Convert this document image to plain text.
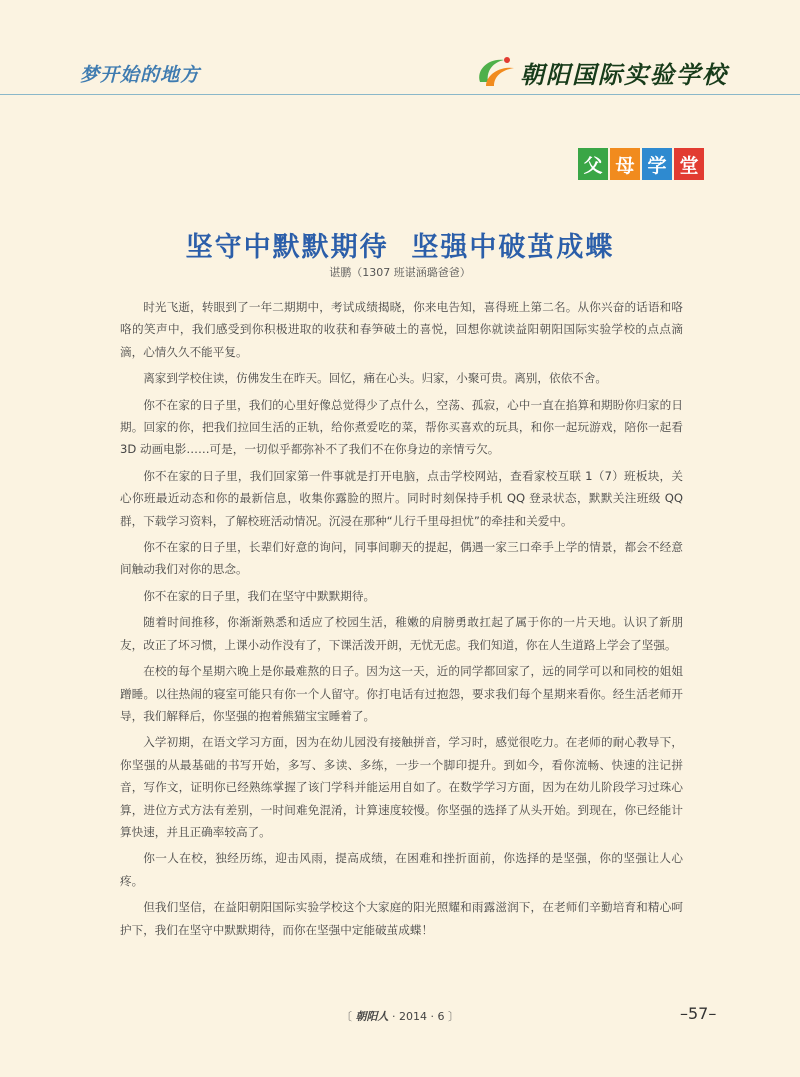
梦开始的地方	朝阳国际实验学校
父 母 学 堂
坚守中默默期待  坚强中破茧成蝶
谌鹏（1307 班谌涵璐爸爸）

时光飞逝，转眼到了一年二期期中，考试成绩揭晓，你来电告知，喜得班上第二名。从你兴奋的话语和咯咯的笑声中，我们感受到你积极进取的收获和春笋破土的喜悦，回想你就读益阳朝阳国际实验学校的点点滴滴，心情久久不能平复。

离家到学校住读，仿佛发生在昨天。回忆，痛在心头。归家，小聚可贵。离别，依依不舍。

你不在家的日子里，我们的心里好像总觉得少了点什么，空荡、孤寂，心中一直在掐算和期盼你归家的日期。回家的你，把我们拉回生活的正轨，给你煮爱吃的菜，帮你买喜欢的玩具，和你一起玩游戏，陪你一起看 3D 动画电影……可是，一切似乎都弥补不了我们不在你身边的亲情亏欠。

你不在家的日子里，我们回家第一件事就是打开电脑，点击学校网站，查看家校互联 1（7）班板块，关心你班最近动态和你的最新信息，收集你露脸的照片。同时时刻保持手机 QQ 登录状态，默默关注班级 QQ 群，下载学习资料，了解校班活动情况。沉浸在那种“儿行千里母担忧”的牵挂和关爱中。

你不在家的日子里，长辈们好意的询问，同事间聊天的提起，偶遇一家三口牵手上学的情景，都会不经意间触动我们对你的思念。

你不在家的日子里，我们在坚守中默默期待。

随着时间推移，你渐渐熟悉和适应了校园生活，稚嫩的肩膀勇敢扛起了属于你的一片天地。认识了新朋友，改正了坏习惯，上课小动作没有了，下课活泼开朗，无忧无虑。我们知道，你在人生道路上学会了坚强。

在校的每个星期六晚上是你最难熬的日子。因为这一天，近的同学都回家了，远的同学可以和同校的姐姐蹭睡。以往热闹的寝室可能只有你一个人留守。你打电话有过抱怨，要求我们每个星期来看你。经生活老师开导，我们解释后，你坚强的抱着熊猫宝宝睡着了。

入学初期，在语文学习方面，因为在幼儿园没有接触拼音，学习时，感觉很吃力。在老师的耐心教导下，你坚强的从最基础的书写开始，多写、多读、多练，一步一个脚印提升。到如今，看你流畅、快速的注记拼音，写作文，证明你已经熟练掌握了该门学科并能运用自如了。在数学学习方面，因为在幼儿阶段学习过珠心算，进位方式方法有差别，一时间难免混淆，计算速度较慢。你坚强的选择了从头开始。到现在，你已经能计算快速，并且正确率较高了。

你一人在校，独经历练，迎击风雨，提高成绩，在困难和挫折面前，你选择的是坚强，你的坚强让人心疼。

但我们坚信，在益阳朝阳国际实验学校这个大家庭的阳光照耀和雨露滋润下，在老师们辛勤培育和精心呵护下，我们在坚守中默默期待，而你在坚强中定能破茧成蝶！

〔 朝阳人 · 2014 · 6 〕	–57–
